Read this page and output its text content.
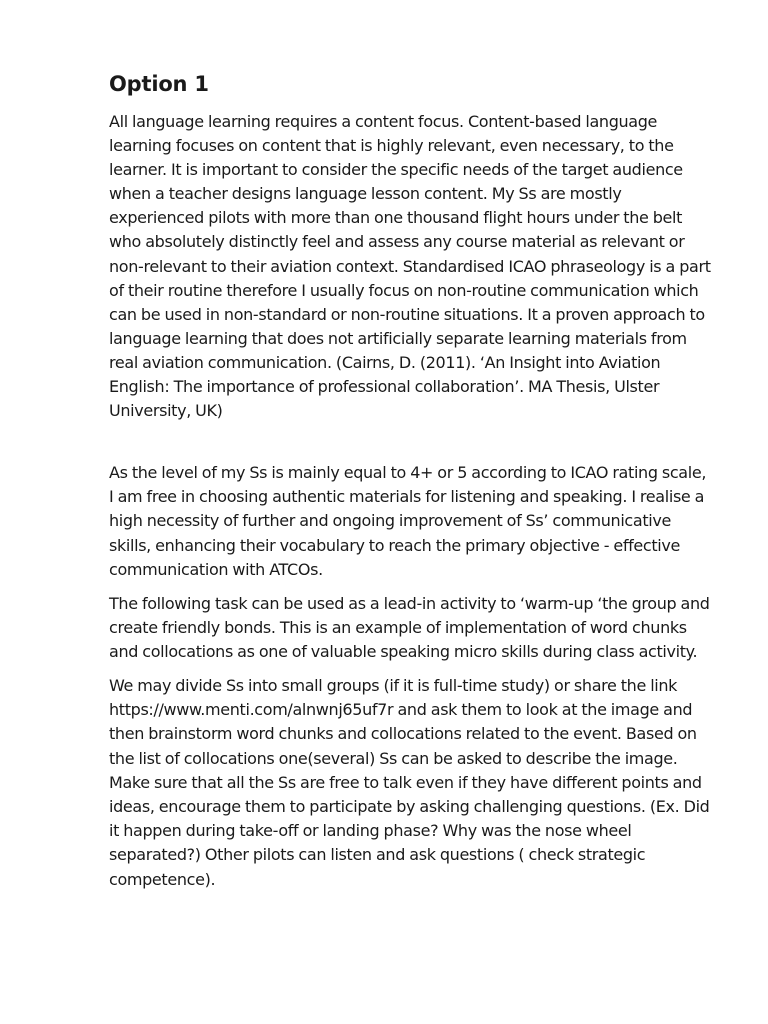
Option 1

All language learning requires a content focus. Content-based language learning focuses on content that is highly relevant, even necessary, to the learner. It is important to consider the specific needs of the target audience when a teacher designs language lesson content. My Ss are mostly experienced pilots with more than one thousand flight hours under the belt who absolutely distinctly feel and assess any course material as relevant or non-relevant to their aviation context. Standardised ICAO phraseology is a part of their routine therefore I usually focus on non-routine communication which can be used in non-standard or non-routine situations. It a proven approach to language learning that does not artificially separate learning materials from real aviation communication. (Cairns, D. (2011). ‘An Insight into Aviation English: The importance of professional collaboration’. MA Thesis, Ulster University, UK)

As the level of my Ss is mainly equal to 4+ or 5 according to ICAO rating scale, I am free in choosing authentic materials for listening and speaking. I realise a high necessity of further and ongoing improvement of Ss’ communicative skills, enhancing their vocabulary to reach the primary objective - effective communication with ATCOs.

The following task can be used as a lead-in activity to ‘warm-up ‘the group and create friendly bonds. This is an example of implementation of word chunks and collocations as one of valuable speaking micro skills during class activity.

We may divide Ss into small groups (if it is full-time study) or share the link https://www.menti.com/alnwnj65uf7r and ask them to look at the image and then brainstorm word chunks and collocations related to the event. Based on the list of collocations one(several) Ss can be asked to describe the image. Make sure that all the Ss are free to talk even if they have different points and ideas, encourage them to participate by asking challenging questions. (Ex. Did it happen during take-off or landing phase? Why was the nose wheel separated?) Other pilots can listen and ask questions ( check strategic competence).
